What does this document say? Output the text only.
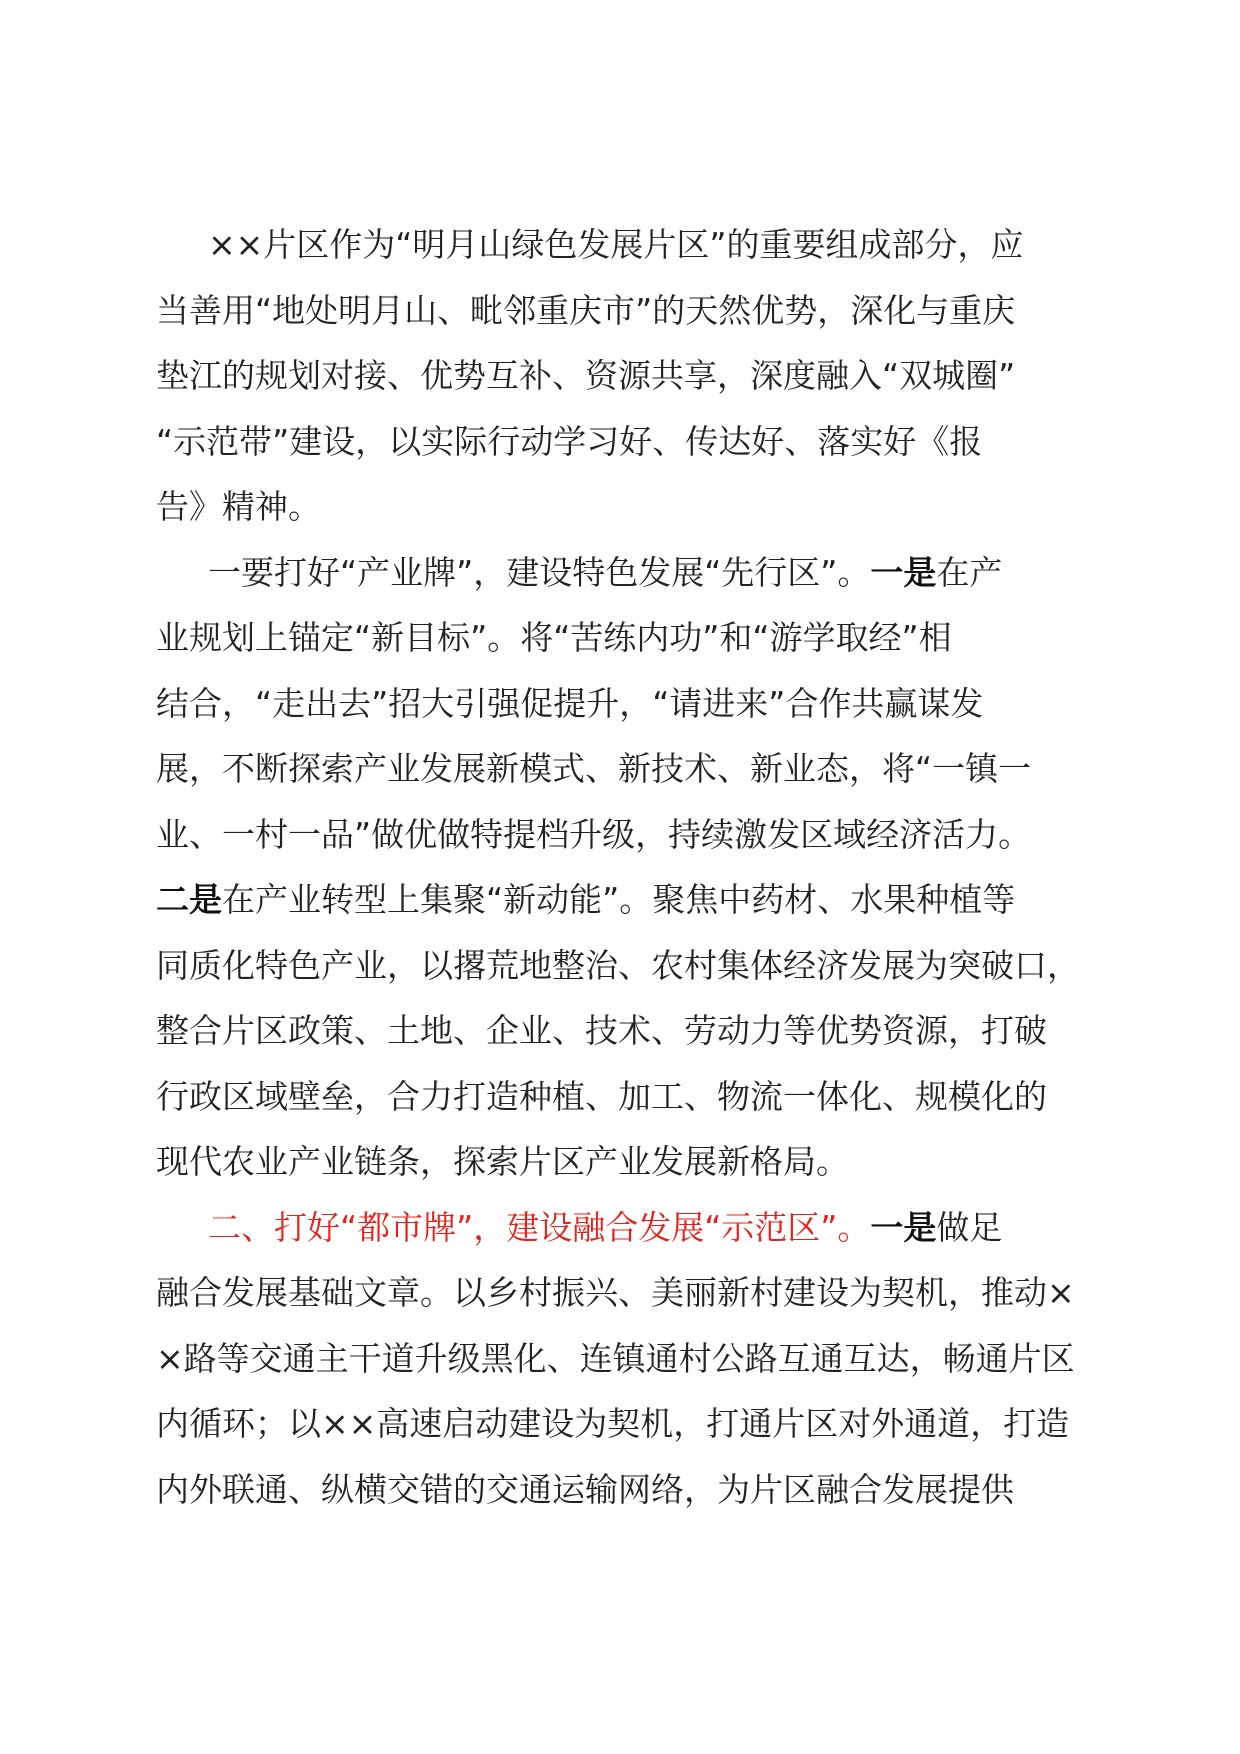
××片区作为“明月山绿色发展片区”的重要组成部分，应
当善用“地处明月山、毗邻重庆市”的天然优势，深化与重庆
垫江的规划对接、优势互补、资源共享，深度融入“双城圈”
“示范带”建设，以实际行动学习好、传达好、落实好《报
告》精神。
一要打好“产业牌”，建设特色发展“先行区”。一是在产
业规划上锚定“新目标”。将“苦练内功”和“游学取经”相
结合，“走出去”招大引强促提升，“请进来”合作共赢谋发
展，不断探索产业发展新模式、新技术、新业态，将“一镇一
业、一村一品”做优做特提档升级，持续激发区域经济活力。
二是在产业转型上集聚“新动能”。聚焦中药材、水果种植等
同质化特色产业，以撂荒地整治、农村集体经济发展为突破口，
整合片区政策、土地、企业、技术、劳动力等优势资源，打破
行政区域壁垒，合力打造种植、加工、物流一体化、规模化的
现代农业产业链条，探索片区产业发展新格局。
二、打好“都市牌”，建设融合发展“示范区”。一是做足
融合发展基础文章。以乡村振兴、美丽新村建设为契机，推动×
×路等交通主干道升级黑化、连镇通村公路互通互达，畅通片区
内循环；以××高速启动建设为契机，打通片区对外通道，打造
内外联通、纵横交错的交通运输网络，为片区融合发展提供
